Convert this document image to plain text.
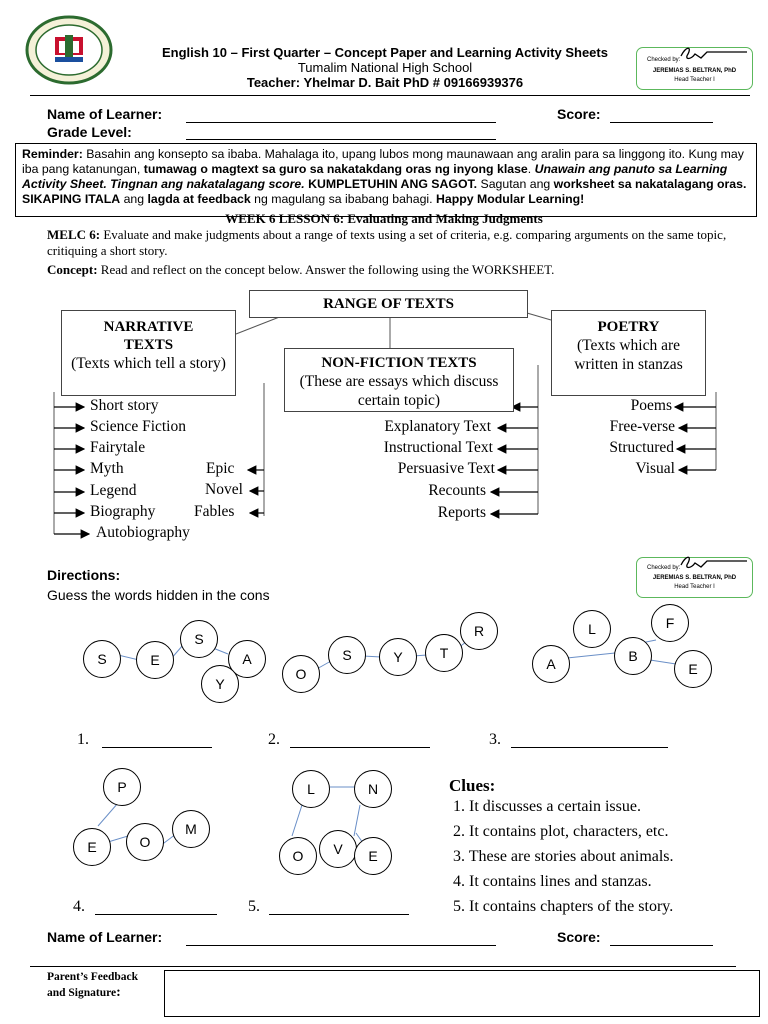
English 10 – First Quarter – Concept Paper and Learning Activity Sheets
Tumalim National High School
Teacher: Yhelmar D. Bait PhD # 09166939376
Checked by:
JEREMIAS S. BELTRAN, PhD
Head Teacher I
Name of Learner:	Score:
Grade Level:
Reminder: Basahin ang konsepto sa ibaba. Mahalaga ito, upang lubos mong maunawaan ang aralin para sa linggong ito. Kung may iba pang katanungan, tumawag o magtext sa guro sa nakatakdang oras ng inyong klase. Unawain ang panuto sa Learning Activity Sheet. Tingnan ang nakatalagang score. KUMPLETUHIN ANG SAGOT. Sagutan ang worksheet sa nakatalagang oras. SIKAPING ITALA ang lagda at feedback ng magulang sa ibabang bahagi. Happy Modular Learning!
WEEK 6 LESSON 6: Evaluating and Making Judgments
MELC 6: Evaluate and make judgments about a range of texts using a set of criteria, e.g. comparing arguments on the same topic, critiquing a short story.
Concept: Read and reflect on the concept below. Answer the following using the WORKSHEET.
RANGE OF TEXTS
NARRATIVE TEXTS
(Texts which tell a story)	NON-FICTION TEXTS
(These are essays which discuss certain topic)
POETRY
(Texts which are written in stanzas
Short story
Science Fiction
Fairytale
Myth
Legend
Biography
Autobiography
Epic
Novel
Fables
Explanatory Text
Instructional Text
Persuasive Text
Recounts
Reports
Poems
Free-verse
Structured
Visual
Directions:
Guess the words hidden in the cons
Checked by:
JEREMIAS S. BELTRAN, PhD
Head Teacher I
S	E
S
A
Y
O
S	Y	T
R
A
L
B
F
E
1.	2.	3.
P
E	O
M
L	N
O	V	E
4.	5.
Clues:
1. It discusses a certain issue.
2. It contains plot, characters, etc.
3. These are stories about animals.
4. It contains lines and stanzas.
5. It contains chapters of the story.
Name of Learner:	Score:
Parent’s Feedback and Signature:
